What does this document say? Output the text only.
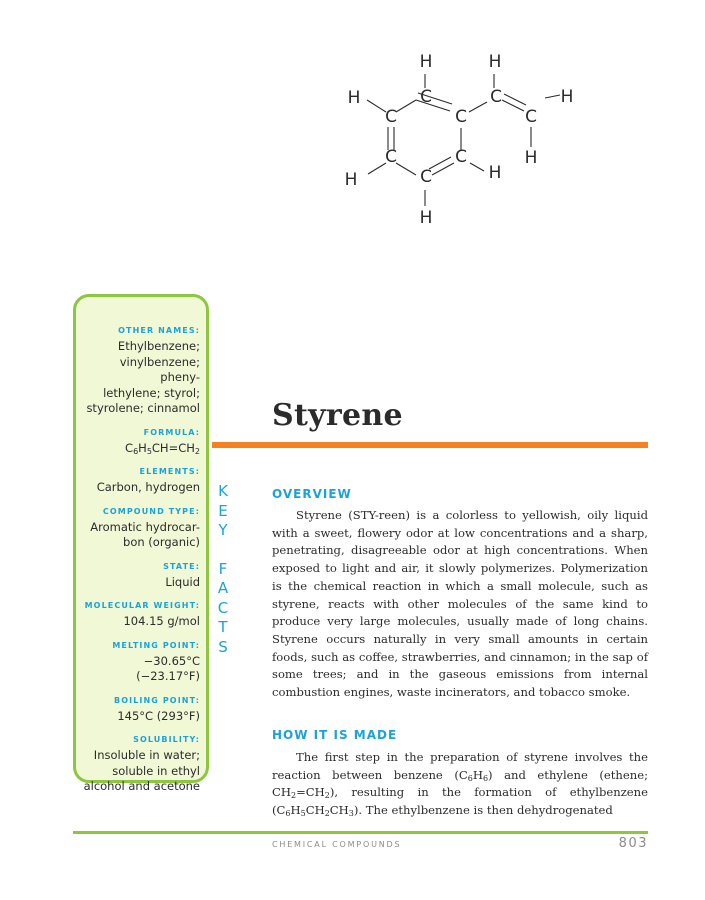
H	H
H	C	C	H
C	C	C
H
C	C
H
H	C
H

OTHER NAMES:

Ethylbenzene;
vinylbenzene; pheny-
lethylene; styrol;
styrolene; cinnamol

FORMULA:

$C_6H_5CH=CH_2$

ELEMENTS:

Carbon, hydrogen

COMPOUND TYPE:

Aromatic hydrocar-
bon (organic)

STATE:

Liquid

MOLECULAR WEIGHT:

104.15 g/mol

MELTING POINT:

−30.65°C (−23.17°F)

BOILING POINT:

145°C (293°F)

SOLUBILITY:

Insoluble in water;
soluble in ethyl
alcohol and acetone
K
E
Y

F
A
C
T
S
Styrene
OVERVIEW

Styrene (STY-reen) is a colorless to yellowish, oily liquid with a sweet, flowery odor at low concentrations and a sharp, penetrating, disagreeable odor at high concentrations. When exposed to light and air, it slowly polymerizes. Polymerization is the chemical reaction in which a small molecule, such as styrene, reacts with other molecules of the same kind to produce very large molecules, usually made of long chains. Styrene occurs naturally in very small amounts in certain foods, such as coffee, strawberries, and cinnamon; in the sap of some trees; and in the gaseous emissions from internal combustion engines, waste incinerators, and tobacco smoke.

HOW IT IS MADE

The first step in the preparation of styrene involves the reaction between benzene $(C_6H_6)$ and ethylene (ethene; $CH_2=CH_2$), resulting in the formation of ethylbenzene $(C_6H_5CH_2CH_3)$. The ethylbenzene is then dehydrogenated

CHEMICAL COMPOUNDS	803
